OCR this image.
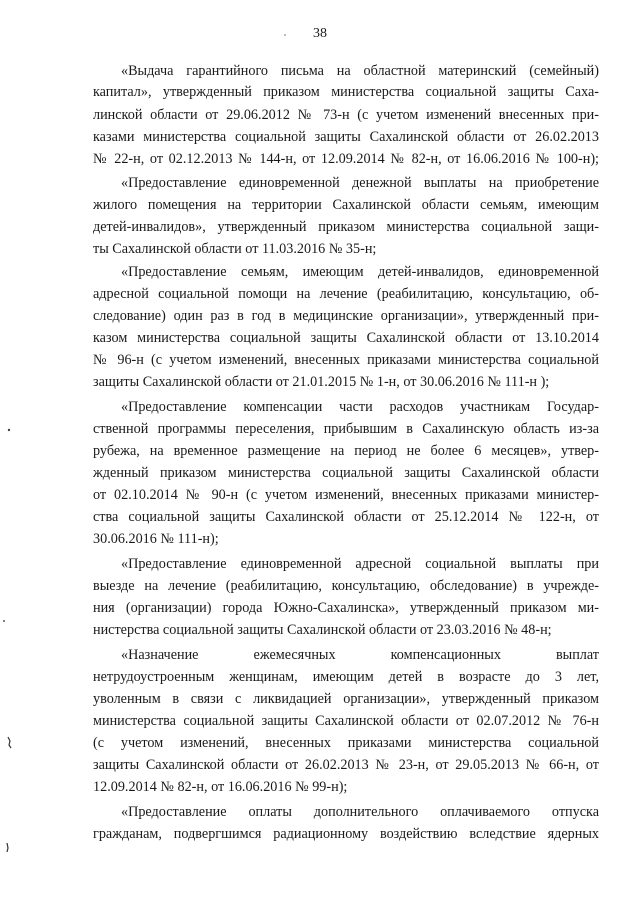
38
«Выдача гарантийного письма на областной материнский (семейный)
капитал», утвержденный приказом министерства социальной защиты Саха-
линской области от 29.06.2012 № 73-н (с учетом изменений внесенных при-
казами министерства социальной защиты Сахалинской области от 26.02.2013
№ 22-н, от 02.12.2013 № 144-н, от 12.09.2014 № 82-н, от 16.06.2016 № 100-н);
«Предоставление единовременной денежной выплаты на приобретение
жилого помещения на территории Сахалинской области семьям, имеющим
детей-инвалидов», утвержденный приказом министерства социальной защи-
ты Сахалинской области от 11.03.2016 № 35-н;
«Предоставление семьям, имеющим детей-инвалидов, единовременной
адресной социальной помощи на лечение (реабилитацию, консультацию, об-
следование) один раз в год в медицинские организации», утвержденный при-
казом министерства социальной защиты Сахалинской области от 13.10.2014
№ 96-н (с учетом изменений, внесенных приказами министерства социальной
защиты Сахалинской области от 21.01.2015 № 1-н, от 30.06.2016 № 111-н );
«Предоставление компенсации части расходов участникам Государ-
ственной программы переселения, прибывшим в Сахалинскую область из-за
рубежа, на временное размещение на период не более 6 месяцев», утвер-
жденный приказом министерства социальной защиты Сахалинской области
от 02.10.2014 № 90-н (с учетом изменений, внесенных приказами министер-
ства социальной защиты Сахалинской области от 25.12.2014 № 122-н, от
30.06.2016 № 111-н);
«Предоставление единовременной адресной социальной выплаты при
выезде на лечение (реабилитацию, консультацию, обследование) в учрежде-
ния (организации) города Южно-Сахалинска», утвержденный приказом ми-
нистерства социальной защиты Сахалинской области от 23.03.2016 № 48-н;
«Назначение ежемесячных компенсационных выплат
нетрудоустроенным женщинам, имеющим детей в возрасте до 3 лет,
уволенным в связи с ликвидацией организации», утвержденный приказом
министерства социальной защиты Сахалинской области от 02.07.2012 № 76-н
(с учетом изменений, внесенных приказами министерства социальной
защиты Сахалинской области от 26.02.2013 № 23-н, от 29.05.2013 № 66-н, от
12.09.2014 № 82-н, от 16.06.2016 № 99-н);
«Предоставление оплаты дополнительного оплачиваемого отпуска
гражданам, подвергшимся радиационному воздействию вследствие ядерных
